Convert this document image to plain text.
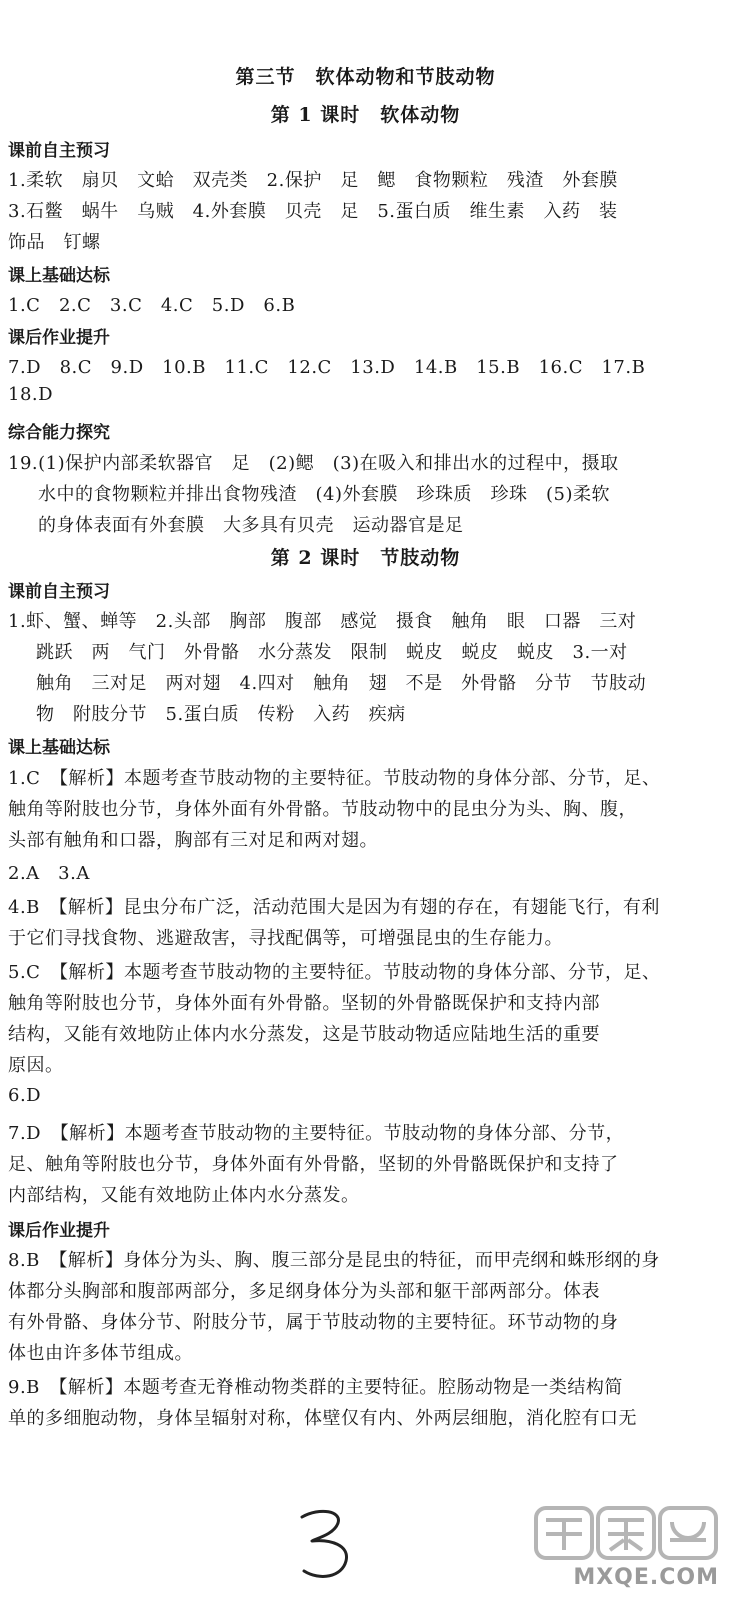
第三节　软体动物和节肢动物
第 1 课时　软体动物
课前自主预习
1.柔软　扇贝　文蛤　双壳类　2.保护　足　鳃　食物颗粒　残渣　外套膜
3.石鳖　蜗牛　乌贼　4.外套膜　贝壳　足　5.蛋白质　维生素　入药　装
饰品　钉螺
课上基础达标
1.C　2.C　3.C　4.C　5.D　6.B
课后作业提升
7.D　8.C　9.D　10.B　11.C　12.C　13.D　14.B　15.B　16.C　17.B
18.D
综合能力探究
19.(1)保护内部柔软器官　足　(2)鳃　(3)在吸入和排出水的过程中，摄取
水中的食物颗粒并排出食物残渣　(4)外套膜　珍珠质　珍珠　(5)柔软
的身体表面有外套膜　大多具有贝壳　运动器官是足
第 2 课时　节肢动物
课前自主预习
1.虾、蟹、蝉等　2.头部　胸部　腹部　感觉　摄食　触角　眼　口器　三对
跳跃　两　气门　外骨骼　水分蒸发　限制　蜕皮　蜕皮　蜕皮　3.一对
触角　三对足　两对翅　4.四对　触角　翅　不是　外骨骼　分节　节肢动
物　附肢分节　5.蛋白质　传粉　入药　疾病
课上基础达标
1.C　【解析】本题考查节肢动物的主要特征。节肢动物的身体分部、分节，足、
触角等附肢也分节，身体外面有外骨骼。节肢动物中的昆虫分为头、胸、腹，
头部有触角和口器，胸部有三对足和两对翅。
2.A　3.A
4.B　【解析】昆虫分布广泛，活动范围大是因为有翅的存在，有翅能飞行，有利
于它们寻找食物、逃避敌害，寻找配偶等，可增强昆虫的生存能力。
5.C　【解析】本题考查节肢动物的主要特征。节肢动物的身体分部、分节，足、
触角等附肢也分节，身体外面有外骨骼。坚韧的外骨骼既保护和支持内部
结构，又能有效地防止体内水分蒸发，这是节肢动物适应陆地生活的重要
原因。
6.D
7.D　【解析】本题考查节肢动物的主要特征。节肢动物的身体分部、分节，
足、触角等附肢也分节，身体外面有外骨骼，坚韧的外骨骼既保护和支持了
内部结构，又能有效地防止体内水分蒸发。
课后作业提升
8.B　【解析】身体分为头、胸、腹三部分是昆虫的特征，而甲壳纲和蛛形纲的身
体都分头胸部和腹部两部分，多足纲身体分为头部和躯干部两部分。体表
有外骨骼、身体分节、附肢分节，属于节肢动物的主要特征。环节动物的身
体也由许多体节组成。
9.B　【解析】本题考查无脊椎动物类群的主要特征。腔肠动物是一类结构简
单的多细胞动物，身体呈辐射对称，体壁仅有内、外两层细胞，消化腔有口无
MXQE.COM
